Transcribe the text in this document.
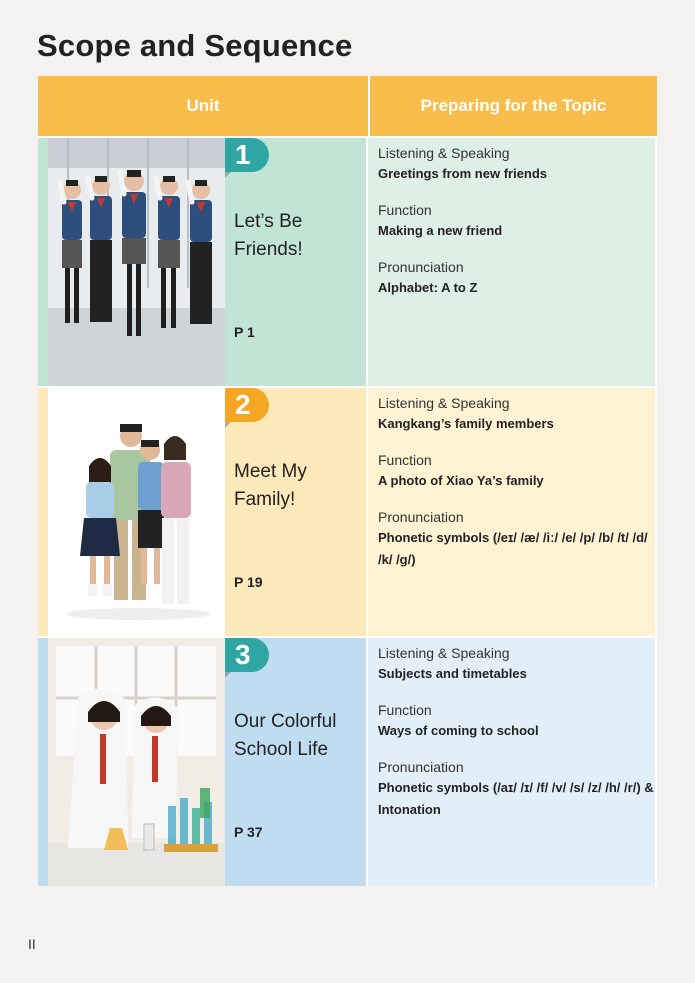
Scope and Sequence
Unit	Preparing for the Topic
1
Let’s Be Friends!
P 1
Listening & Speaking
Greetings from new friends
Function
Making a new friend
Pronunciation
Alphabet: A to Z
2
Meet My Family!
P 19
Listening & Speaking
Kangkang’s family members
Function
A photo of Xiao Ya’s family
Pronunciation
Phonetic symbols (/eɪ/ /æ/ /iː/ /e/ /p/ /b/ /t/ /d/ /k/ /ɡ/)
3
Our Colorful School Life
P 37
Listening & Speaking
Subjects and timetables
Function
Ways of coming to school
Pronunciation
Phonetic symbols (/aɪ/ /ɪ/ /f/ /v/ /s/ /z/ /h/ /r/) & Intonation
II
